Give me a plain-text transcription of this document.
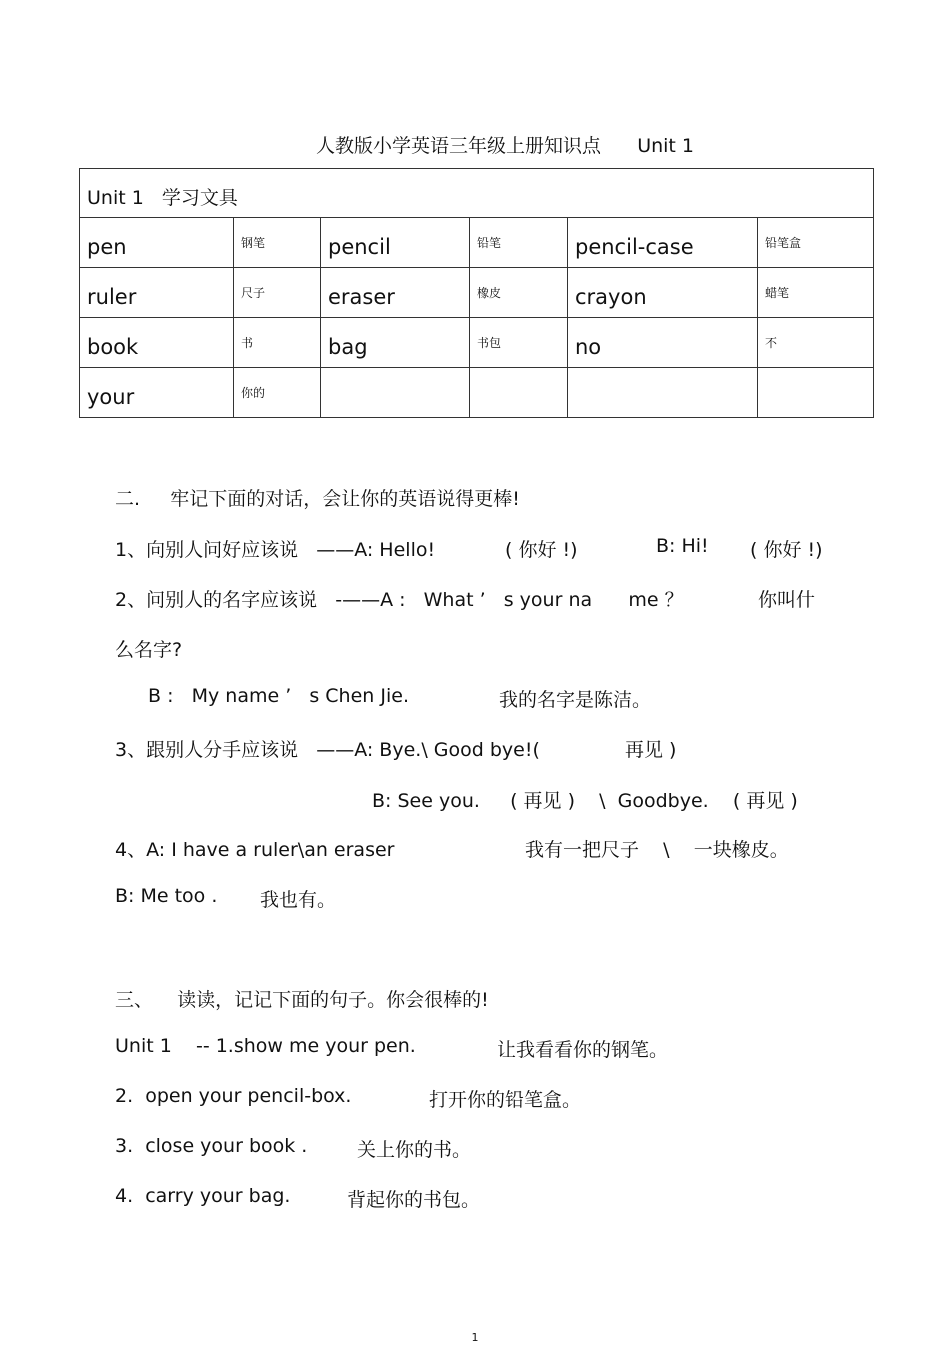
人教版小学英语三年级上册知识点      Unit 1
Unit 1   学习文具					

pen	钢笔	pencil	铅笔	pencil-case	铅笔盒

ruler	尺子	eraser	橡皮	crayon	蜡笔

book	书	bag	书包	no	不

your	你的				

二.     牢记下面的对话，会让你的英语说得更棒!
1、向别人问好应该说   ——A: Hello!	( 你好 !)	B: Hi! ( 你好 !)
2、问别人的名字应该说   -——A :   What ’   s your na      me ？	你叫什
么名字?
B :   My name ’   s Chen Jie.	我的名字是陈洁。
3、跟别人分手应该说   ——A: Bye.\ Good bye!(	再见 )
B: See you.     ( 再见 )    \  Goodbye.    ( 再见 )
4、A: I have a ruler\an eraser	我有一把尺子    \    一块橡皮。
B: Me too . 我也有。
三、    读读，记记下面的句子。你会很棒的!
Unit 1    -- 1.show me your pen.	让我看看你的钢笔。
2.  open your pencil-box.	打开你的铅笔盒。
3.  close your book .	关上你的书。
4.  carry your bag.	背起你的书包。
1
